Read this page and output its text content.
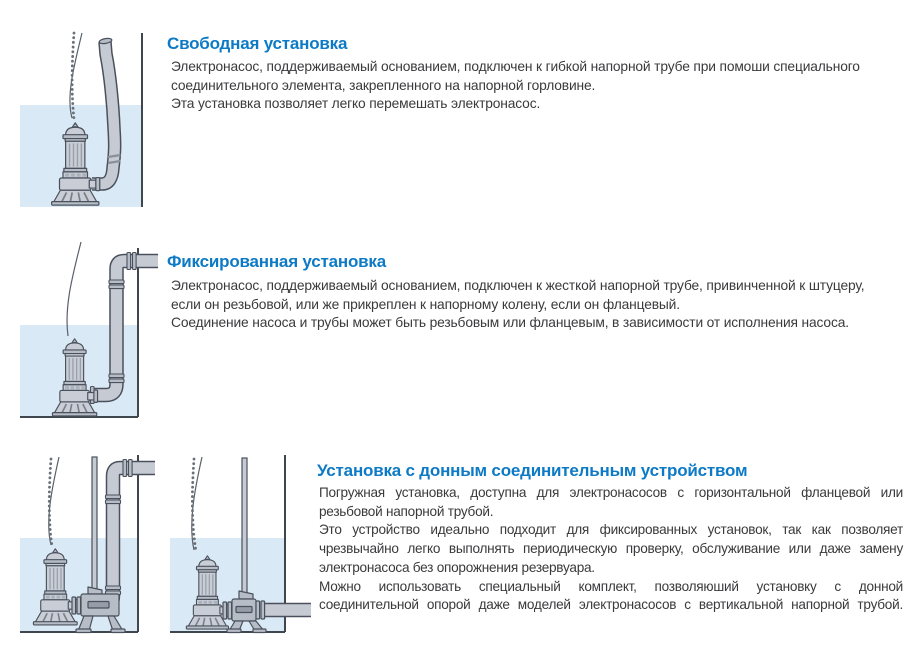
Свободная установка
Электронасос, поддерживаемый основанием, подключен к гибкой напорной трубе при помоши специального
соединительного элемента, закрепленного на напорной горловине.
Эта установка позволяет легко перемешать электронасос.
Фиксированная установка
Электронасос, поддерживаемый основанием, подключен к жесткой напорной трубе, привинченной к штуцеру,
если он резьбовой, или же прикреплен к напорному колену, если он фланцевый.
Соединение насоса и трубы может быть резьбовым или фланцевым, в зависимости от исполнения насоса.
Установка с донным соединительным устройством
Погружная установка, доступна для электронасосов с горизонтальной фланцевой или
резьбовой напорной трубой.
Это устройство идеально подходит для фиксированных установок, так как позволяет
чрезвычайно легко выполнять периодическую проверку, обслуживание или даже замену
электронасоса без опорожнения резервуара.
Можно использовать специальный комплект, позволяюший установку с донной
соединительной опорой даже моделей электронасосов с вертикальной напорной трубой.
